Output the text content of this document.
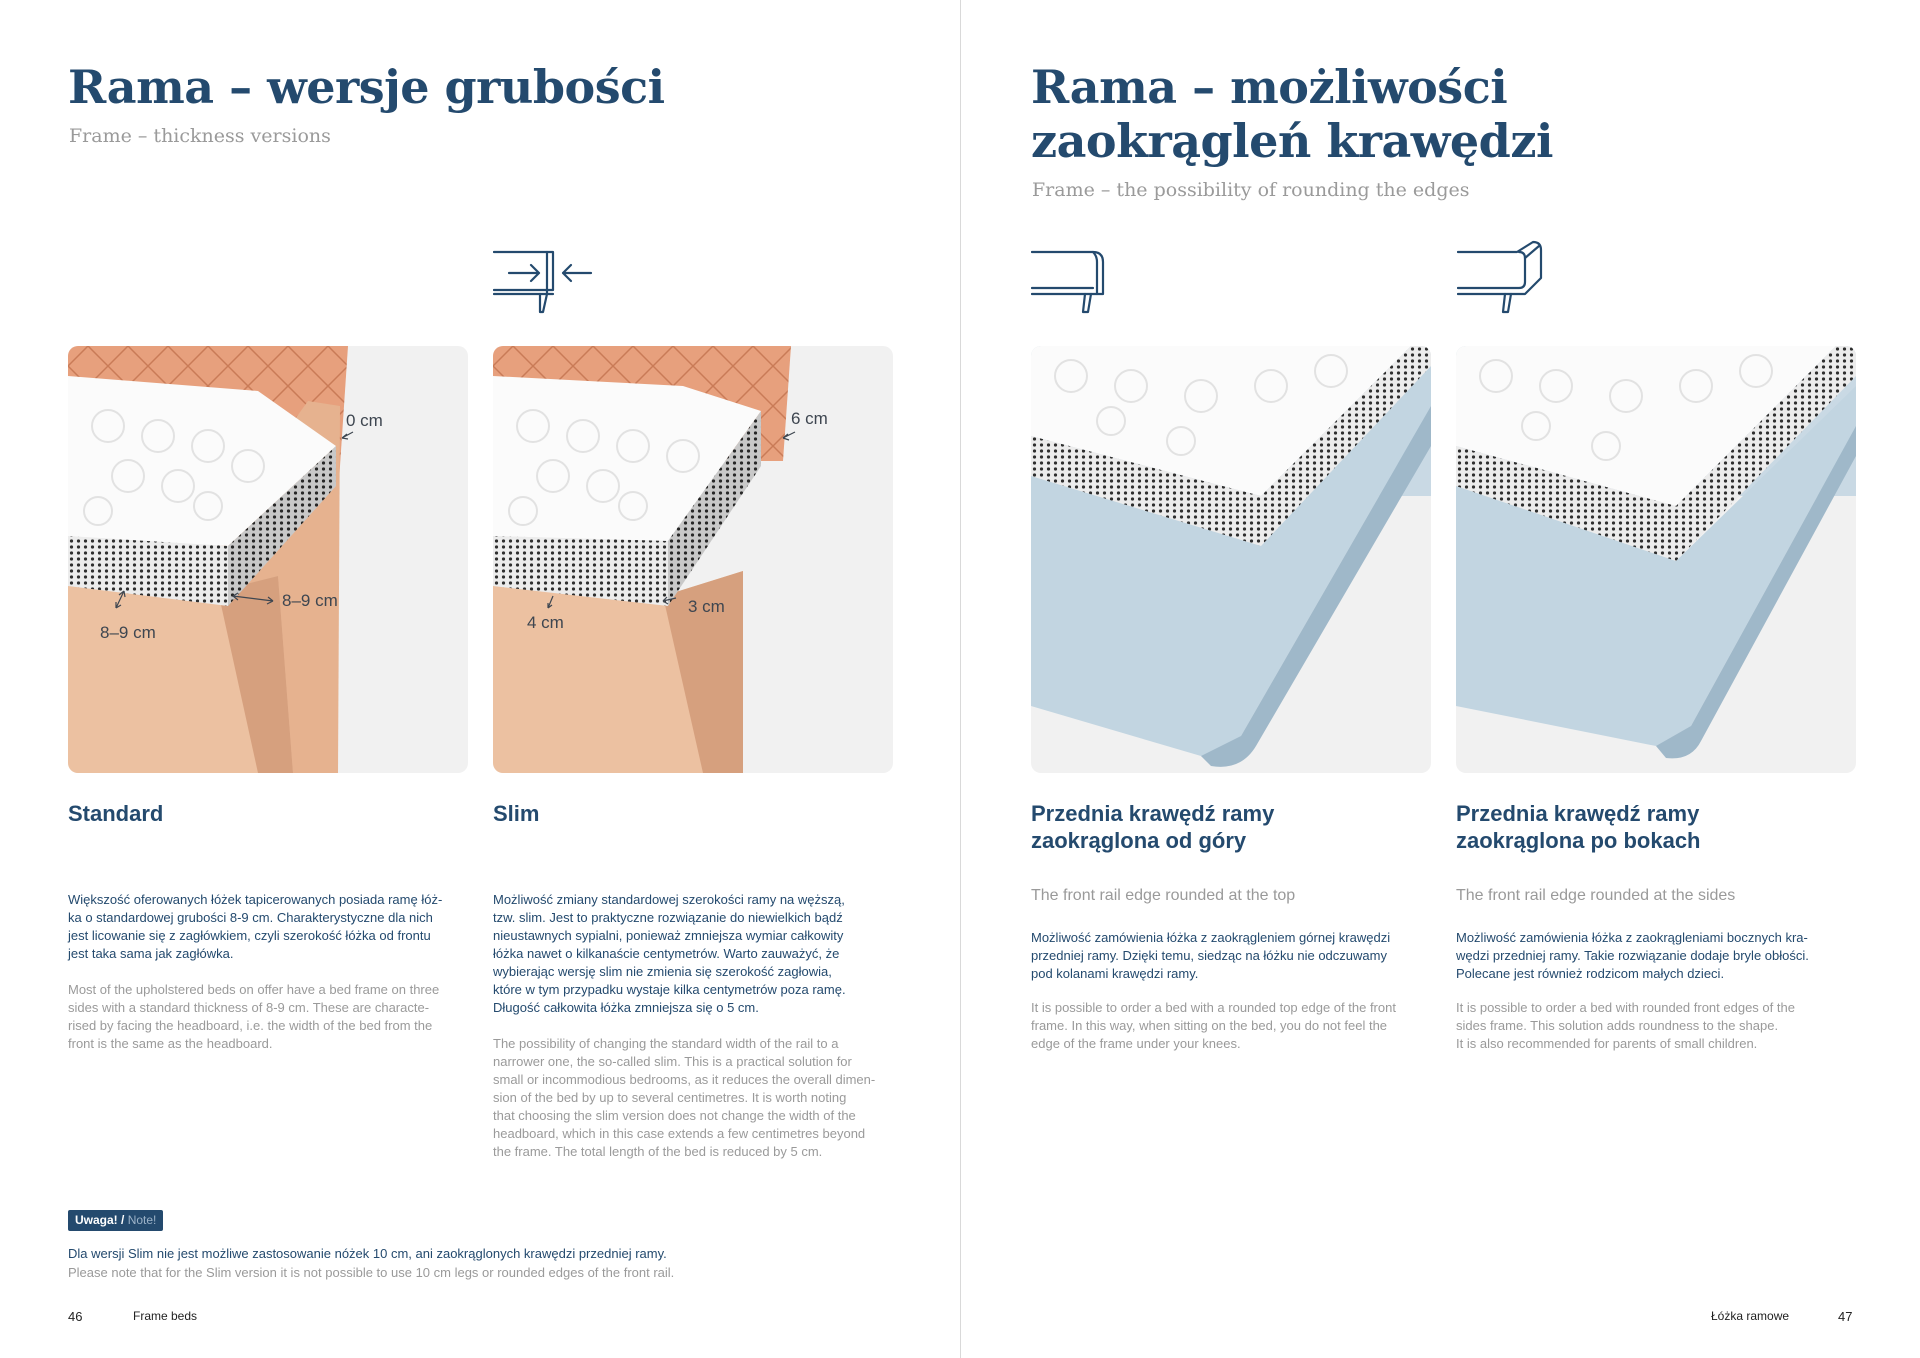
Rama – wersje grubości

Frame – thickness versions

0 cm
8–9 cm
8–9 cm
6 cm
3 cm
4 cm
Standard	Slim
Większość oferowanych łóżek tapicerowanych posiada ramę łóż-
ka o standardowej grubości 8-9 cm. Charakterystyczne dla nich
jest licowanie się z zagłówkiem, czyli szerokość łóżka od frontu
jest taka sama jak zagłówka.
Most of the upholstered beds on offer have a bed frame on three
sides with a standard thickness of 8-9 cm. These are characte-
rised by facing the headboard, i.e. the width of the bed from the
front is the same as the headboard.
Możliwość zmiany standardowej szerokości ramy na węższą,
tzw. slim. Jest to praktyczne rozwiązanie do niewielkich bądź
nieustawnych sypialni, ponieważ zmniejsza wymiar całkowity
łóżka nawet o kilkanaście centymetrów. Warto zauważyć, że
wybierając wersję slim nie zmienia się szerokość zagłowia,
które w tym przypadku wystaje kilka centymetrów poza ramę.
Długość całkowita łóżka zmniejsza się o 5 cm.
The possibility of changing the standard width of the rail to a
narrower one, the so-called slim. This is a practical solution for
small or incommodious bedrooms, as it reduces the overall dimen-
sion of the bed by up to several centimetres. It is worth noting
that choosing the slim version does not change the width of the
headboard, which in this case extends a few centimetres beyond
the frame. The total length of the bed is reduced by 5 cm.
Uwaga! / Note!

Dla wersji Slim nie jest możliwe zastosowanie nóżek 10 cm, ani zaokrąglonych krawędzi przedniej ramy.

Please note that for the Slim version it is not possible to use 10 cm legs or rounded edges of the front rail.

46	Frame beds

Rama – możliwości
zaokrągleń krawędzi

Frame – the possibility of rounding the edges

Przednia krawędź ramy
zaokrąglona od góry
Przednia krawędź ramy
zaokrąglona po bokach

The front rail edge rounded at the top	The front rail edge rounded at the sides

Możliwość zamówienia łóżka z zaokrągleniem górnej krawędzi
przedniej ramy. Dzięki temu, siedząc na łóżku nie odczuwamy
pod kolanami krawędzi ramy.
It is possible to order a bed with a rounded top edge of the front
frame. In this way, when sitting on the bed, you do not feel the
edge of the frame under your knees.
Możliwość zamówienia łóżka z zaokrągleniami bocznych kra-
wędzi przedniej ramy. Takie rozwiązanie dodaje bryle obłości.
Polecane jest również rodzicom małych dzieci.
It is possible to order a bed with rounded front edges of the
sides frame. This solution adds roundness to the shape.
It is also recommended for parents of small children.

Łóżka ramowe	47
